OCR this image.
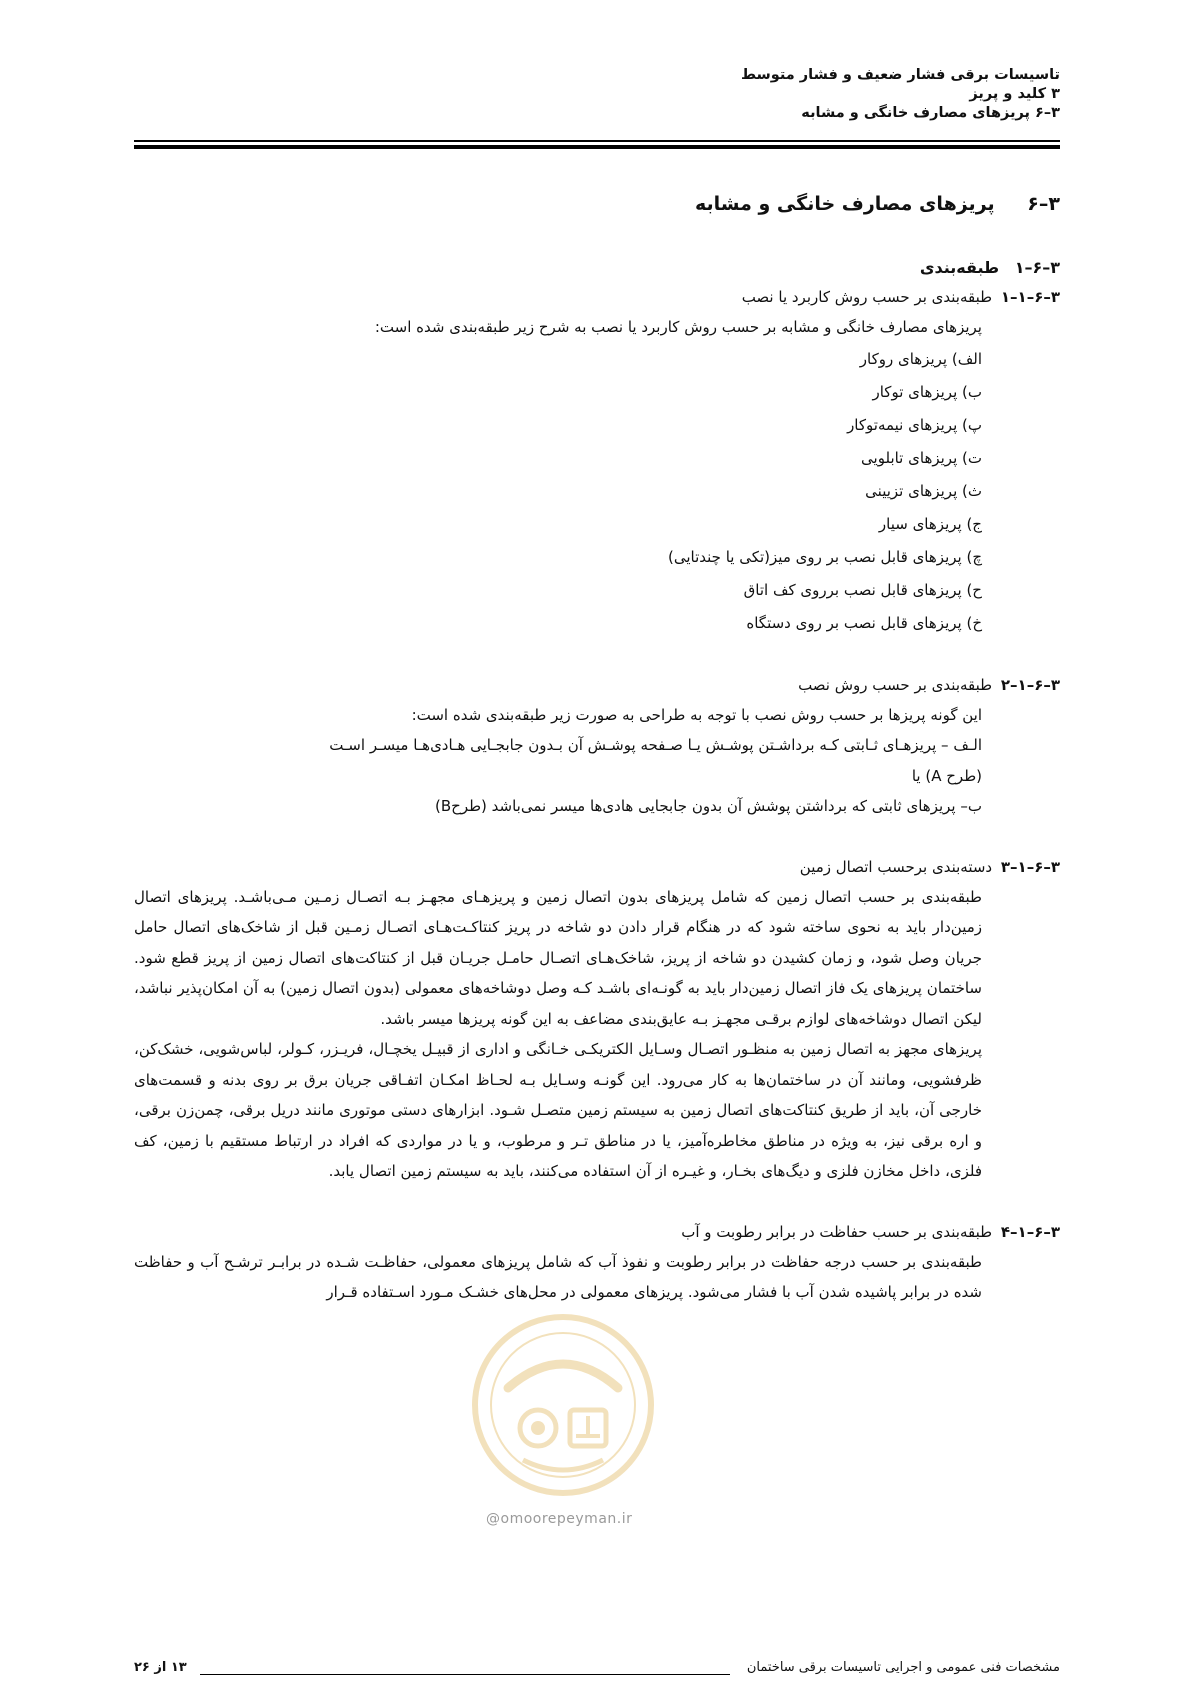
تاسیسات برقی فشار ضعیف و فشار متوسط
۳ کلید و پریز
۳–۶ پریزهای مصارف خانگی و مشابه
۳–۶ پریزهای مصارف خانگی و مشابه
۳–۶–۱ طبقه‌بندی
۳–۶–۱–۱ طبقه‌بندی بر حسب روش کاربرد یا نصب
پریزهای مصارف خانگی و مشابه بر حسب روش کاربرد یا نصب به شرح زیر طبقه‌بندی شده است:
الف) پریزهای روکار
ب) پریزهای توکار
پ) پریزهای نیمه‌توکار
ت) پریزهای تابلویی
ث) پریزهای تزیینی
ج) پریزهای سیار
چ) پریزهای قابل نصب بر روی میز(تکی یا چندتایی)
ح) پریزهای قابل نصب برروی کف اتاق
خ) پریزهای قابل نصب بر روی دستگاه
۳–۶–۱–۲ طبقه‌بندی بر حسب روش نصب
این گونه پریزها بر حسب روش نصب با توجه به طراحی به صورت زیر طبقه‌بندی شده است:
الـف – پریزهـای ثـابتی کـه برداشـتن پوشـش یـا صـفحه پوشـش آن بـدون جابجـایی هـادی‌هـا میسـر اسـت
(طرح A) یا
ب– پریزهای ثابتی که برداشتن پوشش آن بدون جابجایی هادی‌ها میسر نمی‌باشد (طرحB)
۳–۶–۱–۳ دسته‌بندی برحسب اتصال زمین
طبقه‌بندی بر حسب اتصال زمین که شامل پریزهای بدون اتصال زمین و پریزهـای مجهـز بـه اتصـال زمـین مـی‌باشـد. پریزهای اتصال زمین‌دار باید به نحوی ساخته شود که در هنگام قرار دادن دو شاخه در پریز کنتاکـت‌هـای اتصـال زمـین قبل از شاخک‌های اتصال حامل جریان وصل شود، و زمان کشیدن دو شاخه از پریز، شاخک‌هـای اتصـال حامـل جریـان قبل از کنتاکت‌های اتصال زمین از پریز قطع شود. ساختمان پریزهای یک فاز اتصال زمین‌دار باید به گونـه‌ای باشـد کـه وصل دوشاخه‌های معمولی (بدون اتصال زمین) به آن امکان‌پذیر نباشد، لیکن اتصال دوشاخه‌های لوازم برقـی مجهـز بـه عایق‌بندی مضاعف به این گونه پریزها میسر باشد.
پریزهای مجهز به اتصال زمین به منظـور اتصـال وسـایل الکتریکـی خـانگی و اداری از قبیـل یخچـال، فریـزر، کـولر، لباس‌شویی، خشک‌کن، ظرفشویی، ومانند آن در ساختمان‌ها به کار می‌رود. این گونـه وسـایل بـه لحـاظ امکـان اتفـاقی جریان برق بر روی بدنه و قسمت‌های خارجی آن، باید از طریق کنتاکت‌های اتصال زمین به سیستم زمین متصـل شـود. ابزارهای دستی موتوری مانند دریل برقی، چمن‌زن برقی، و اره برقی نیز، به ویژه در مناطق مخاطره‌آمیز، یا در مناطق تـر و مرطوب، و یا در مواردی که افراد در ارتباط مستقیم با زمین، کف فلزی، داخل مخازن فلزی و دیگ‌های بخـار، و غیـره از آن استفاده می‌کنند، باید به سیستم زمین اتصال یابد.
۳–۶–۱–۴ طبقه‌بندی بر حسب حفاظت در برابر رطوبت و آب
طبقه‌بندی بر حسب درجه حفاظت در برابر رطوبت و نفوذ آب که شامل پریزهای معمولی، حفاظـت شـده در برابـر ترشـح آب و حفاظت شده در برابر پاشیده شدن آب با فشار می‌شود. پریزهای معمولی در محل‌های خشـک مـورد اسـتفاده قـرار
@omoorepeyman.ir
مشخصات فنی عمومی و اجرایی تاسیسات برقی ساختمان
۱۳ از ۲۶
